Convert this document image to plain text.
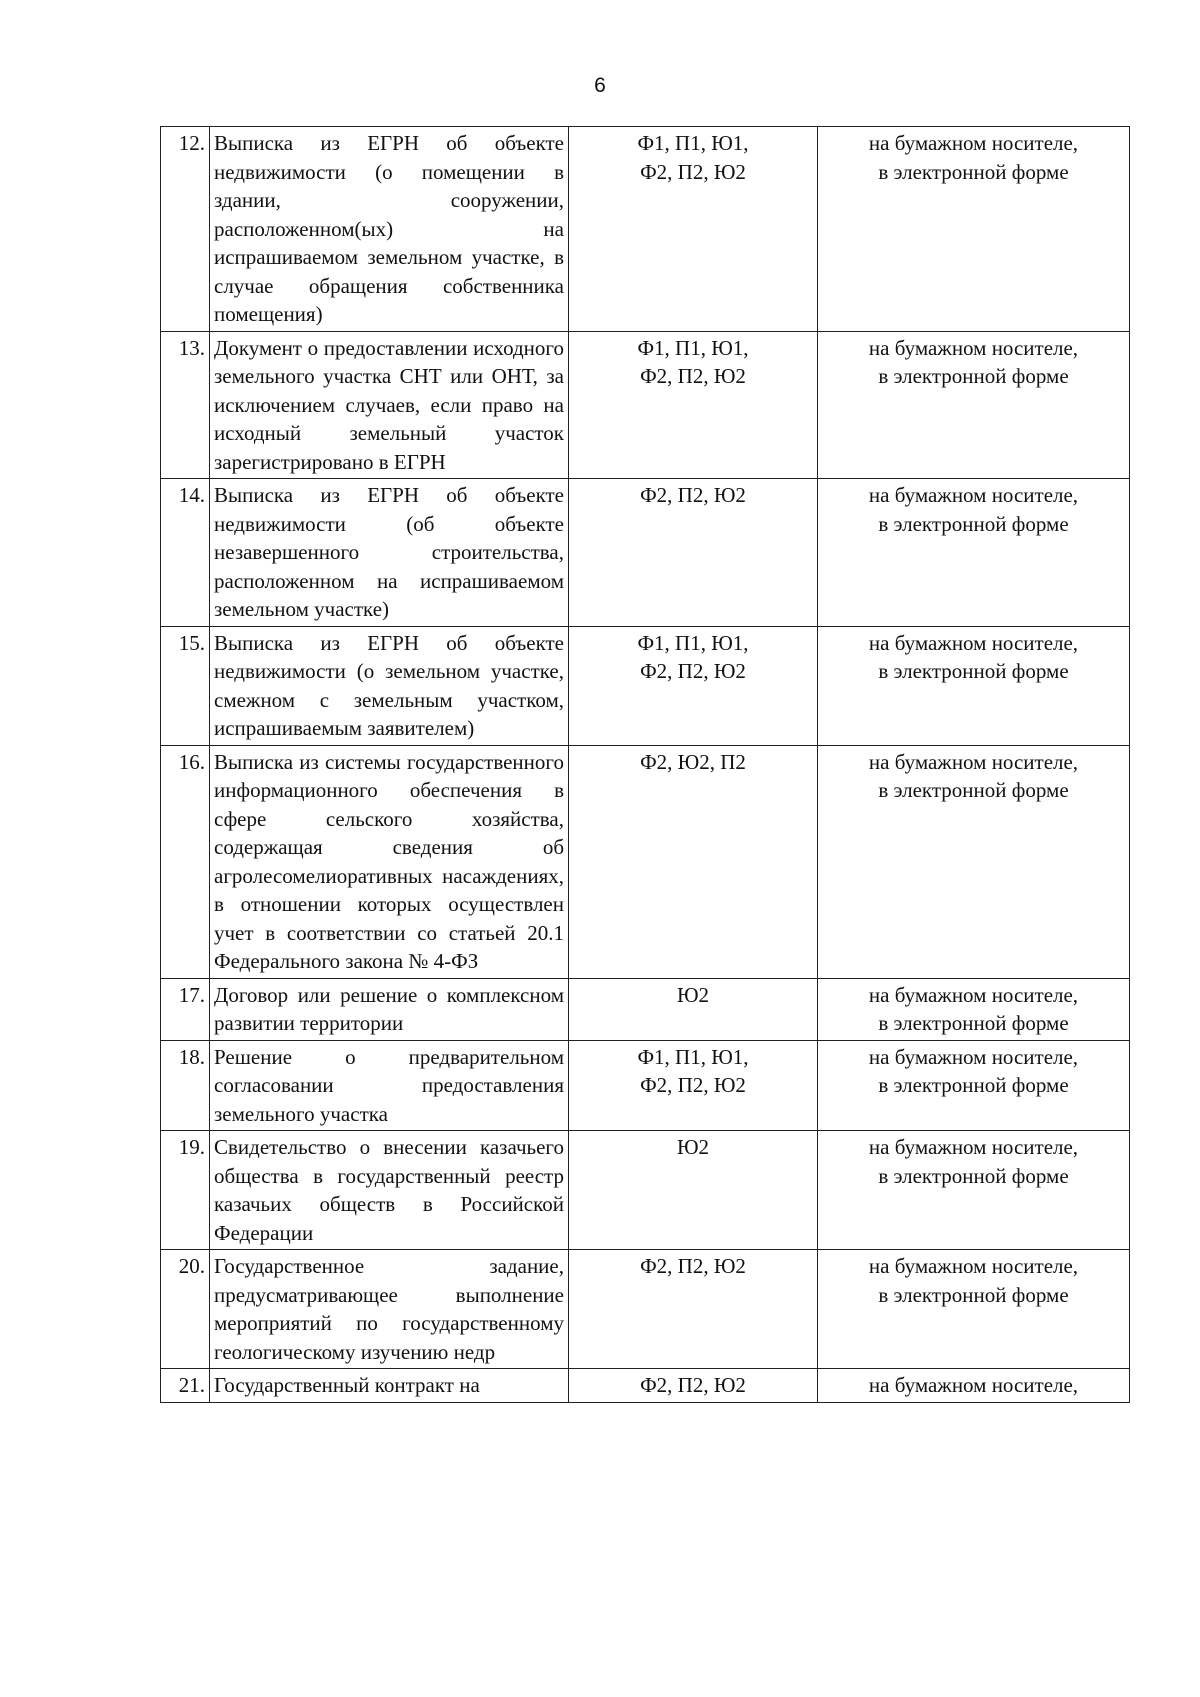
6
12.	Выписка из ЕГРН об объекте недвижимости (о помещении в здании, сооружении, расположенном(ых) на испрашиваемом земельном участке, в случае обращения собственника помещения)	Ф1, П1, Ю1,
Ф2, П2, Ю2	на бумажном носителе,
в электронной форме

13.	Документ о предоставлении исходного земельного участка СНТ или ОНТ, за исключением случаев, если право на исходный земельный участок зарегистрировано в ЕГРН	Ф1, П1, Ю1,
Ф2, П2, Ю2	на бумажном носителе,
в электронной форме

14.	Выписка из ЕГРН об объекте недвижимости (об объекте незавершенного строительства, расположенном на испрашиваемом земельном участке)	Ф2, П2, Ю2	на бумажном носителе,
в электронной форме

15.	Выписка из ЕГРН об объекте недвижимости (о земельном участке, смежном с земельным участком, испрашиваемым заявителем)	Ф1, П1, Ю1,
Ф2, П2, Ю2	на бумажном носителе,
в электронной форме

16.	Выписка из системы государственного информационного обеспечения в сфере сельского хозяйства, содержащая сведения об агролесомелиоративных насаждениях, в отношении которых осуществлен учет в соответствии со статьей 20.1 Федерального закона № 4-ФЗ	Ф2, Ю2, П2	на бумажном носителе,
в электронной форме

17.	Договор или решение о комплексном развитии территории	Ю2	на бумажном носителе,
в электронной форме

18.	Решение о предварительном согласовании предоставления земельного участка	Ф1, П1, Ю1,
Ф2, П2, Ю2	на бумажном носителе,
в электронной форме

19.	Свидетельство о внесении казачьего общества в государственный реестр казачьих обществ в Российской Федерации	Ю2	на бумажном носителе,
в электронной форме

20.	Государственное задание, предусматривающее выполнение мероприятий по государственному геологическому изучению недр	Ф2, П2, Ю2	на бумажном носителе,
в электронной форме

21.	Государственный контракт на	Ф2, П2, Ю2	на бумажном носителе,
